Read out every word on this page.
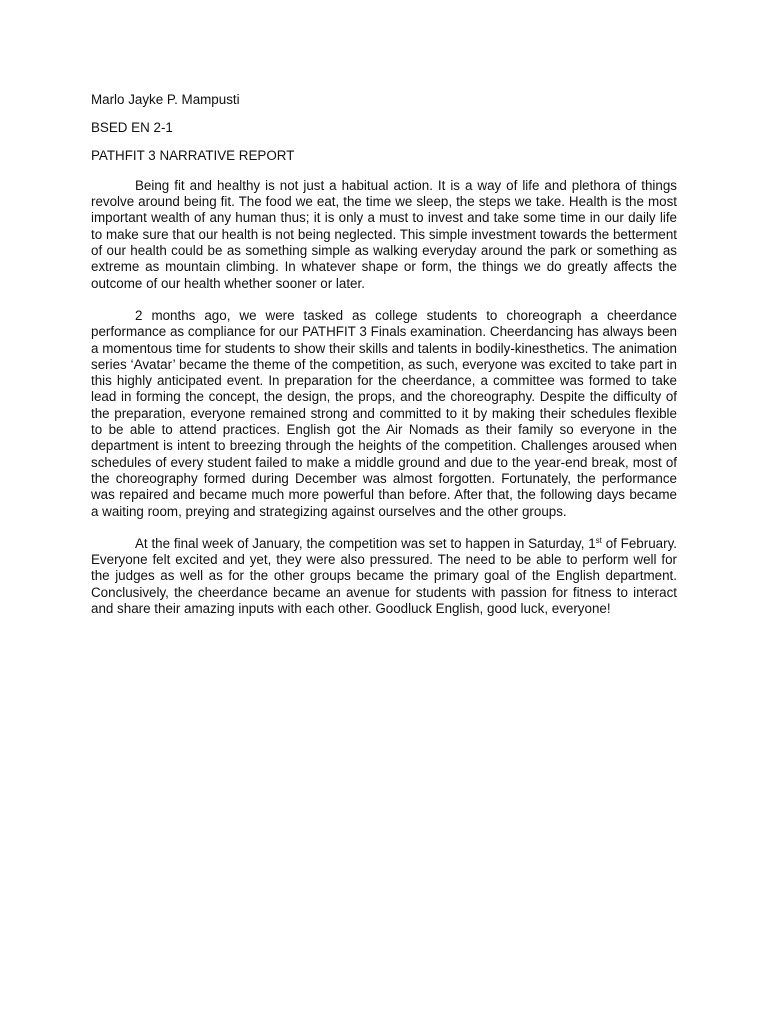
Marlo Jayke P. Mampusti
BSED EN 2-1
PATHFIT 3 NARRATIVE REPORT

Being fit and healthy is not just a habitual action. It is a way of life and plethora of things revolve around being fit. The food we eat, the time we sleep, the steps we take. Health is the most important wealth of any human thus; it is only a must to invest and take some time in our daily life to make sure that our health is not being neglected. This simple investment towards the betterment of our health could be as something simple as walking everyday around the park or something as extreme as mountain climbing. In whatever shape or form, the things we do greatly affects the outcome of our health whether sooner or later.

2 months ago, we were tasked as college students to choreograph a cheerdance performance as compliance for our PATHFIT 3 Finals examination. Cheerdancing has always been a momentous time for students to show their skills and talents in bodily-kinesthetics. The animation series ‘Avatar’ became the theme of the competition, as such, everyone was excited to take part in this highly anticipated event. In preparation for the cheerdance, a committee was formed to take lead in forming the concept, the design, the props, and the choreography. Despite the difficulty of the preparation, everyone remained strong and committed to it by making their schedules flexible to be able to attend practices. English got the Air Nomads as their family so everyone in the department is intent to breezing through the heights of the competition. Challenges aroused when schedules of every student failed to make a middle ground and due to the year-end break, most of the choreography formed during December was almost forgotten. Fortunately, the performance was repaired and became much more powerful than before. After that, the following days became a waiting room, preying and strategizing against ourselves and the other groups.

At the final week of January, the competition was set to happen in Saturday, 1st of February. Everyone felt excited and yet, they were also pressured. The need to be able to perform well for the judges as well as for the other groups became the primary goal of the English department. Conclusively, the cheerdance became an avenue for students with passion for fitness to interact and share their amazing inputs with each other. Goodluck English, good luck, everyone!
